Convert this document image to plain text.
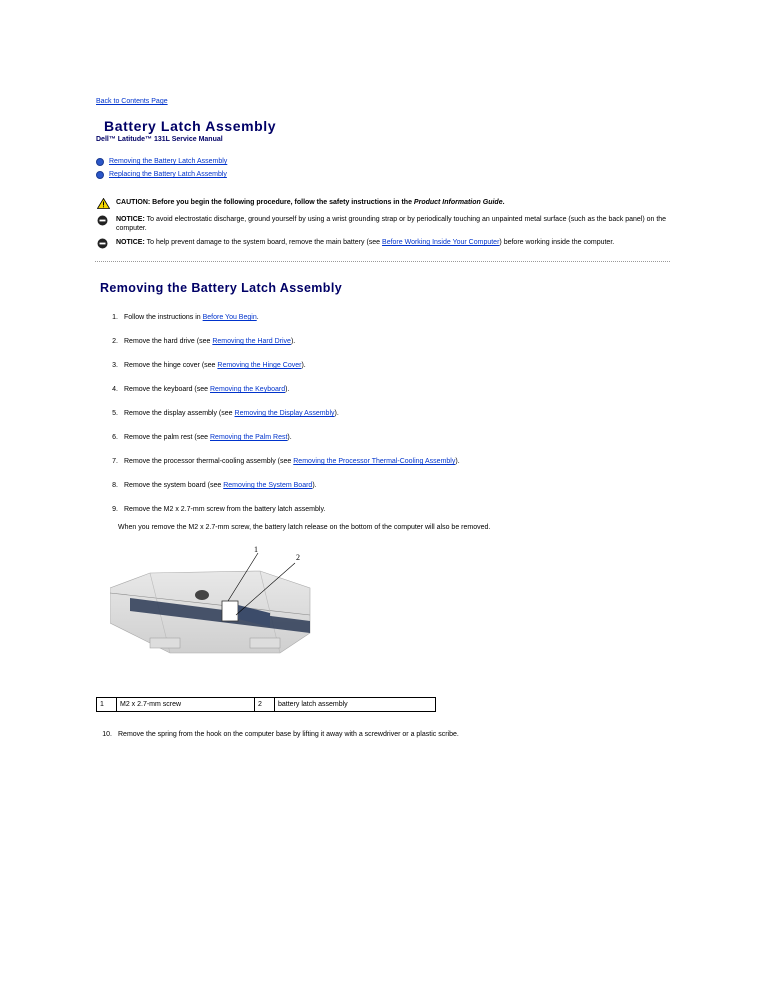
Back to Contents Page
Battery Latch Assembly
Dell™ Latitude™ 131L Service Manual
Removing the Battery Latch Assembly
Replacing the Battery Latch Assembly
CAUTION: Before you begin the following procedure, follow the safety instructions in the Product Information Guide.
NOTICE: To avoid electrostatic discharge, ground yourself by using a wrist grounding strap or by periodically touching an unpainted metal surface (such as the back panel) on the computer.
NOTICE: To help prevent damage to the system board, remove the main battery (see Before Working Inside Your Computer) before working inside the computer.
Removing the Battery Latch Assembly
1. Follow the instructions in Before You Begin.
2. Remove the hard drive (see Removing the Hard Drive).
3. Remove the hinge cover (see Removing the Hinge Cover).
4. Remove the keyboard (see Removing the Keyboard).
5. Remove the display assembly (see Removing the Display Assembly).
6. Remove the palm rest (see Removing the Palm Rest).
7. Remove the processor thermal-cooling assembly (see Removing the Processor Thermal-Cooling Assembly).
8. Remove the system board (see Removing the System Board).
9. Remove the M2 x 2.7-mm screw from the battery latch assembly.
When you remove the M2 x 2.7-mm screw, the battery latch release on the bottom of the computer will also be removed.
1
2
1	M2 x 2.7-mm screw	2	battery latch assembly
10. Remove the spring from the hook on the computer base by lifting it away with a screwdriver or a plastic scribe.
